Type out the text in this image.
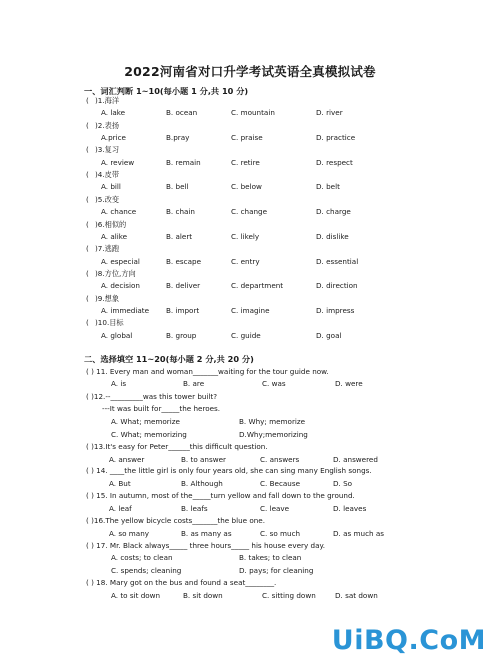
2022河南省对口升学考试英语全真模拟试卷
一、词汇判断 1~10(每小题 1 分,共 10 分)
( )1.海洋
A. lake	B. ocean	C. mountain	D. river
( )2.表扬
A.price	B.pray	C. praise	D. practice
( )3.复习
A. review	B. remain	C. retire	D. respect
( )4.皮带
A. bill	B. bell	C. below	D. belt
( )5.改变
A. chance	B. chain	C. change	D. charge
( )6.相似的
A. alike	B. alert	C. likely	D. dislike
( )7.逃跑
A. especial	B. escape	C. entry	D. essential
( )8.方位,方向
A. decision	B. deliver	C. department	D. direction
( )9.想象
A. immediate B. import	C. imagine	D. impress
( )10.目标
A. global	B. group	C. guide	D. goal
二、选择填空 11~20(每小题 2 分,共 20 分)
( ) 11. Every man and woman_______waiting for the tour guide now.
A. is	B. are	C. was	D. were
( )12.--_________was this tower built?
---It was built for_____the heroes.
A. What; memorize	B. Why; memorize
C. What; memorizing	D.Why;memorizing
( )13.It's easy for Peter______this difficult question.
A. answer	B. to answer	C. answers	D. answered
( ) 14. ____the little girl is only four years old, she can sing many English songs.
A. But	B. Although	C. Because	D. So
( ) 15. In autumn, most of the_____turn yellow and fall down to the ground.
A. leaf	B. leafs	C. leave	D. leaves
( )16.The yellow bicycle costs_______the blue one.
A. so many	B. as many as	C. so much	D. as much as
( ) 17. Mr. Black always_____ three hours_____ his house every day.
A. costs; to clean	B. takes; to clean
C. spends; cleaning	D. pays; for cleaning
( ) 18. Mary got on the bus and found a seat________.
A. to sit down	B. sit down	C. sitting down	D. sat down
UiBQ.CoM
